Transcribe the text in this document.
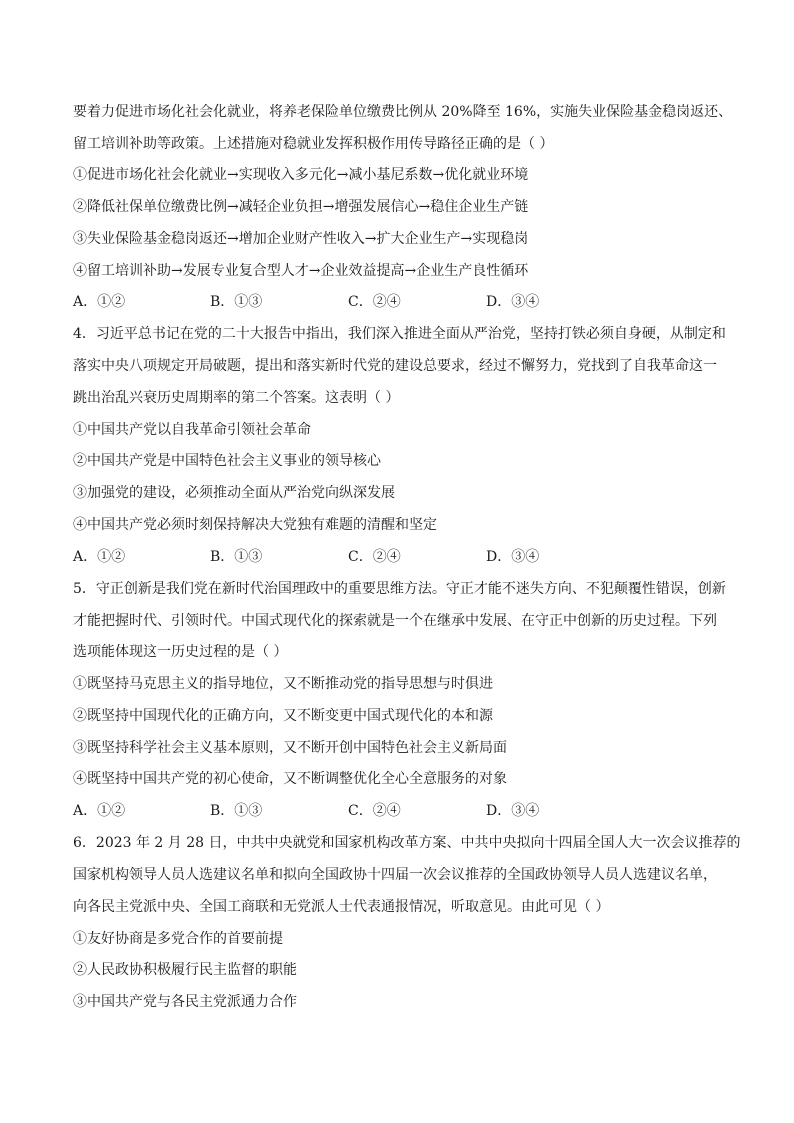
要着力促进市场化社会化就业，将养老保险单位缴费比例从 20%降至 16%，实施失业保险基金稳岗返还、
留工培训补助等政策。上述措施对稳就业发挥积极作用传导路径正确的是（ ）
①促进市场化社会化就业→实现收入多元化→减小基尼系数→优化就业环境
②降低社保单位缴费比例→减轻企业负担→增强发展信心→稳住企业生产链
③失业保险基金稳岗返还→增加企业财产性收入→扩大企业生产→实现稳岗
④留工培训补助→发展专业复合型人才→企业效益提高→企业生产良性循环
A．①②	B．①③	C．②④	D．③④
4．习近平总书记在党的二十大报告中指出，我们深入推进全面从严治党，坚持打铁必须自身硬，从制定和
落实中央八项规定开局破题，提出和落实新时代党的建设总要求，经过不懈努力，党找到了自我革命这一
跳出治乱兴衰历史周期率的第二个答案。这表明（ ）
①中国共产党以自我革命引领社会革命
②中国共产党是中国特色社会主义事业的领导核心
③加强党的建设，必须推动全面从严治党向纵深发展
④中国共产党必须时刻保持解决大党独有难题的清醒和坚定
A．①②	B．①③	C．②④	D．③④
5．守正创新是我们党在新时代治国理政中的重要思维方法。守正才能不迷失方向、不犯颠覆性错误，创新
才能把握时代、引领时代。中国式现代化的探索就是一个在继承中发展、在守正中创新的历史过程。下列
选项能体现这一历史过程的是（ ）
①既坚持马克思主义的指导地位，又不断推动党的指导思想与时俱进
②既坚持中国现代化的正确方向，又不断变更中国式现代化的本和源
③既坚持科学社会主义基本原则，又不断开创中国特色社会主义新局面
④既坚持中国共产党的初心使命，又不断调整优化全心全意服务的对象
A．①②	B．①③	C．②④	D．③④
6．2023 年 2 月 28 日，中共中央就党和国家机构改革方案、中共中央拟向十四届全国人大一次会议推荐的
国家机构领导人员人选建议名单和拟向全国政协十四届一次会议推荐的全国政协领导人员人选建议名单，
向各民主党派中央、全国工商联和无党派人士代表通报情况，听取意见。由此可见（ ）
①友好协商是多党合作的首要前提
②人民政协积极履行民主监督的职能
③中国共产党与各民主党派通力合作
